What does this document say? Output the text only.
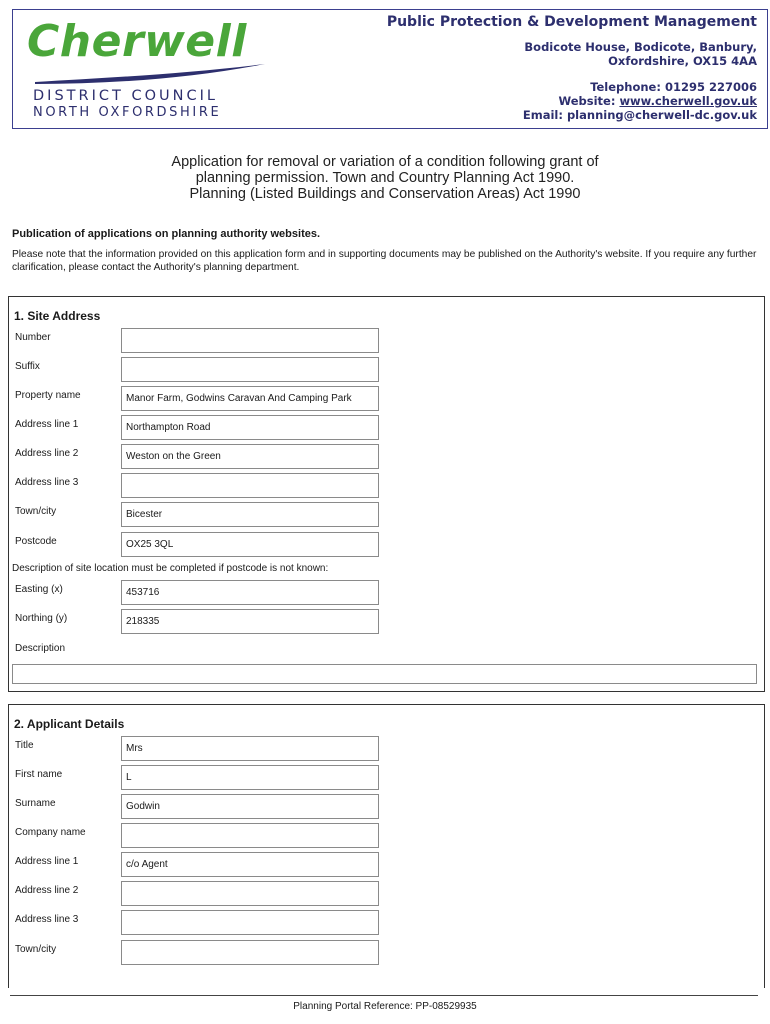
Cherwell
DISTRICT COUNCIL
NORTH OXFORDSHIRE
Public Protection & Development Management
Bodicote House, Bodicote, Banbury,
Oxfordshire, OX15 4AA
Telephone: 01295 227006
Website: www.cherwell.gov.uk
Email: planning@cherwell-dc.gov.uk
Application for removal or variation of a condition following grant of
planning permission. Town and Country Planning Act 1990.
Planning (Listed Buildings and Conservation Areas) Act 1990
Publication of applications on planning authority websites.
Please note that the information provided on this application form and in supporting documents may be published on the Authority's website. If you require any further clarification, please contact the Authority's planning department.
1. Site Address
Number
Suffix
Property name	Manor Farm, Godwins Caravan And Camping Park
Address line 1	Northampton Road
Address line 2	Weston on the Green
Address line 3
Town/city	Bicester
Postcode	OX25 3QL
Description of site location must be completed if postcode is not known:
Easting (x)	453716
Northing (y)	218335
Description
2. Applicant Details
Title	Mrs
First name	L
Surname	Godwin
Company name
Address line 1	c/o Agent
Address line 2
Address line 3
Town/city
Planning Portal Reference: PP-08529935
